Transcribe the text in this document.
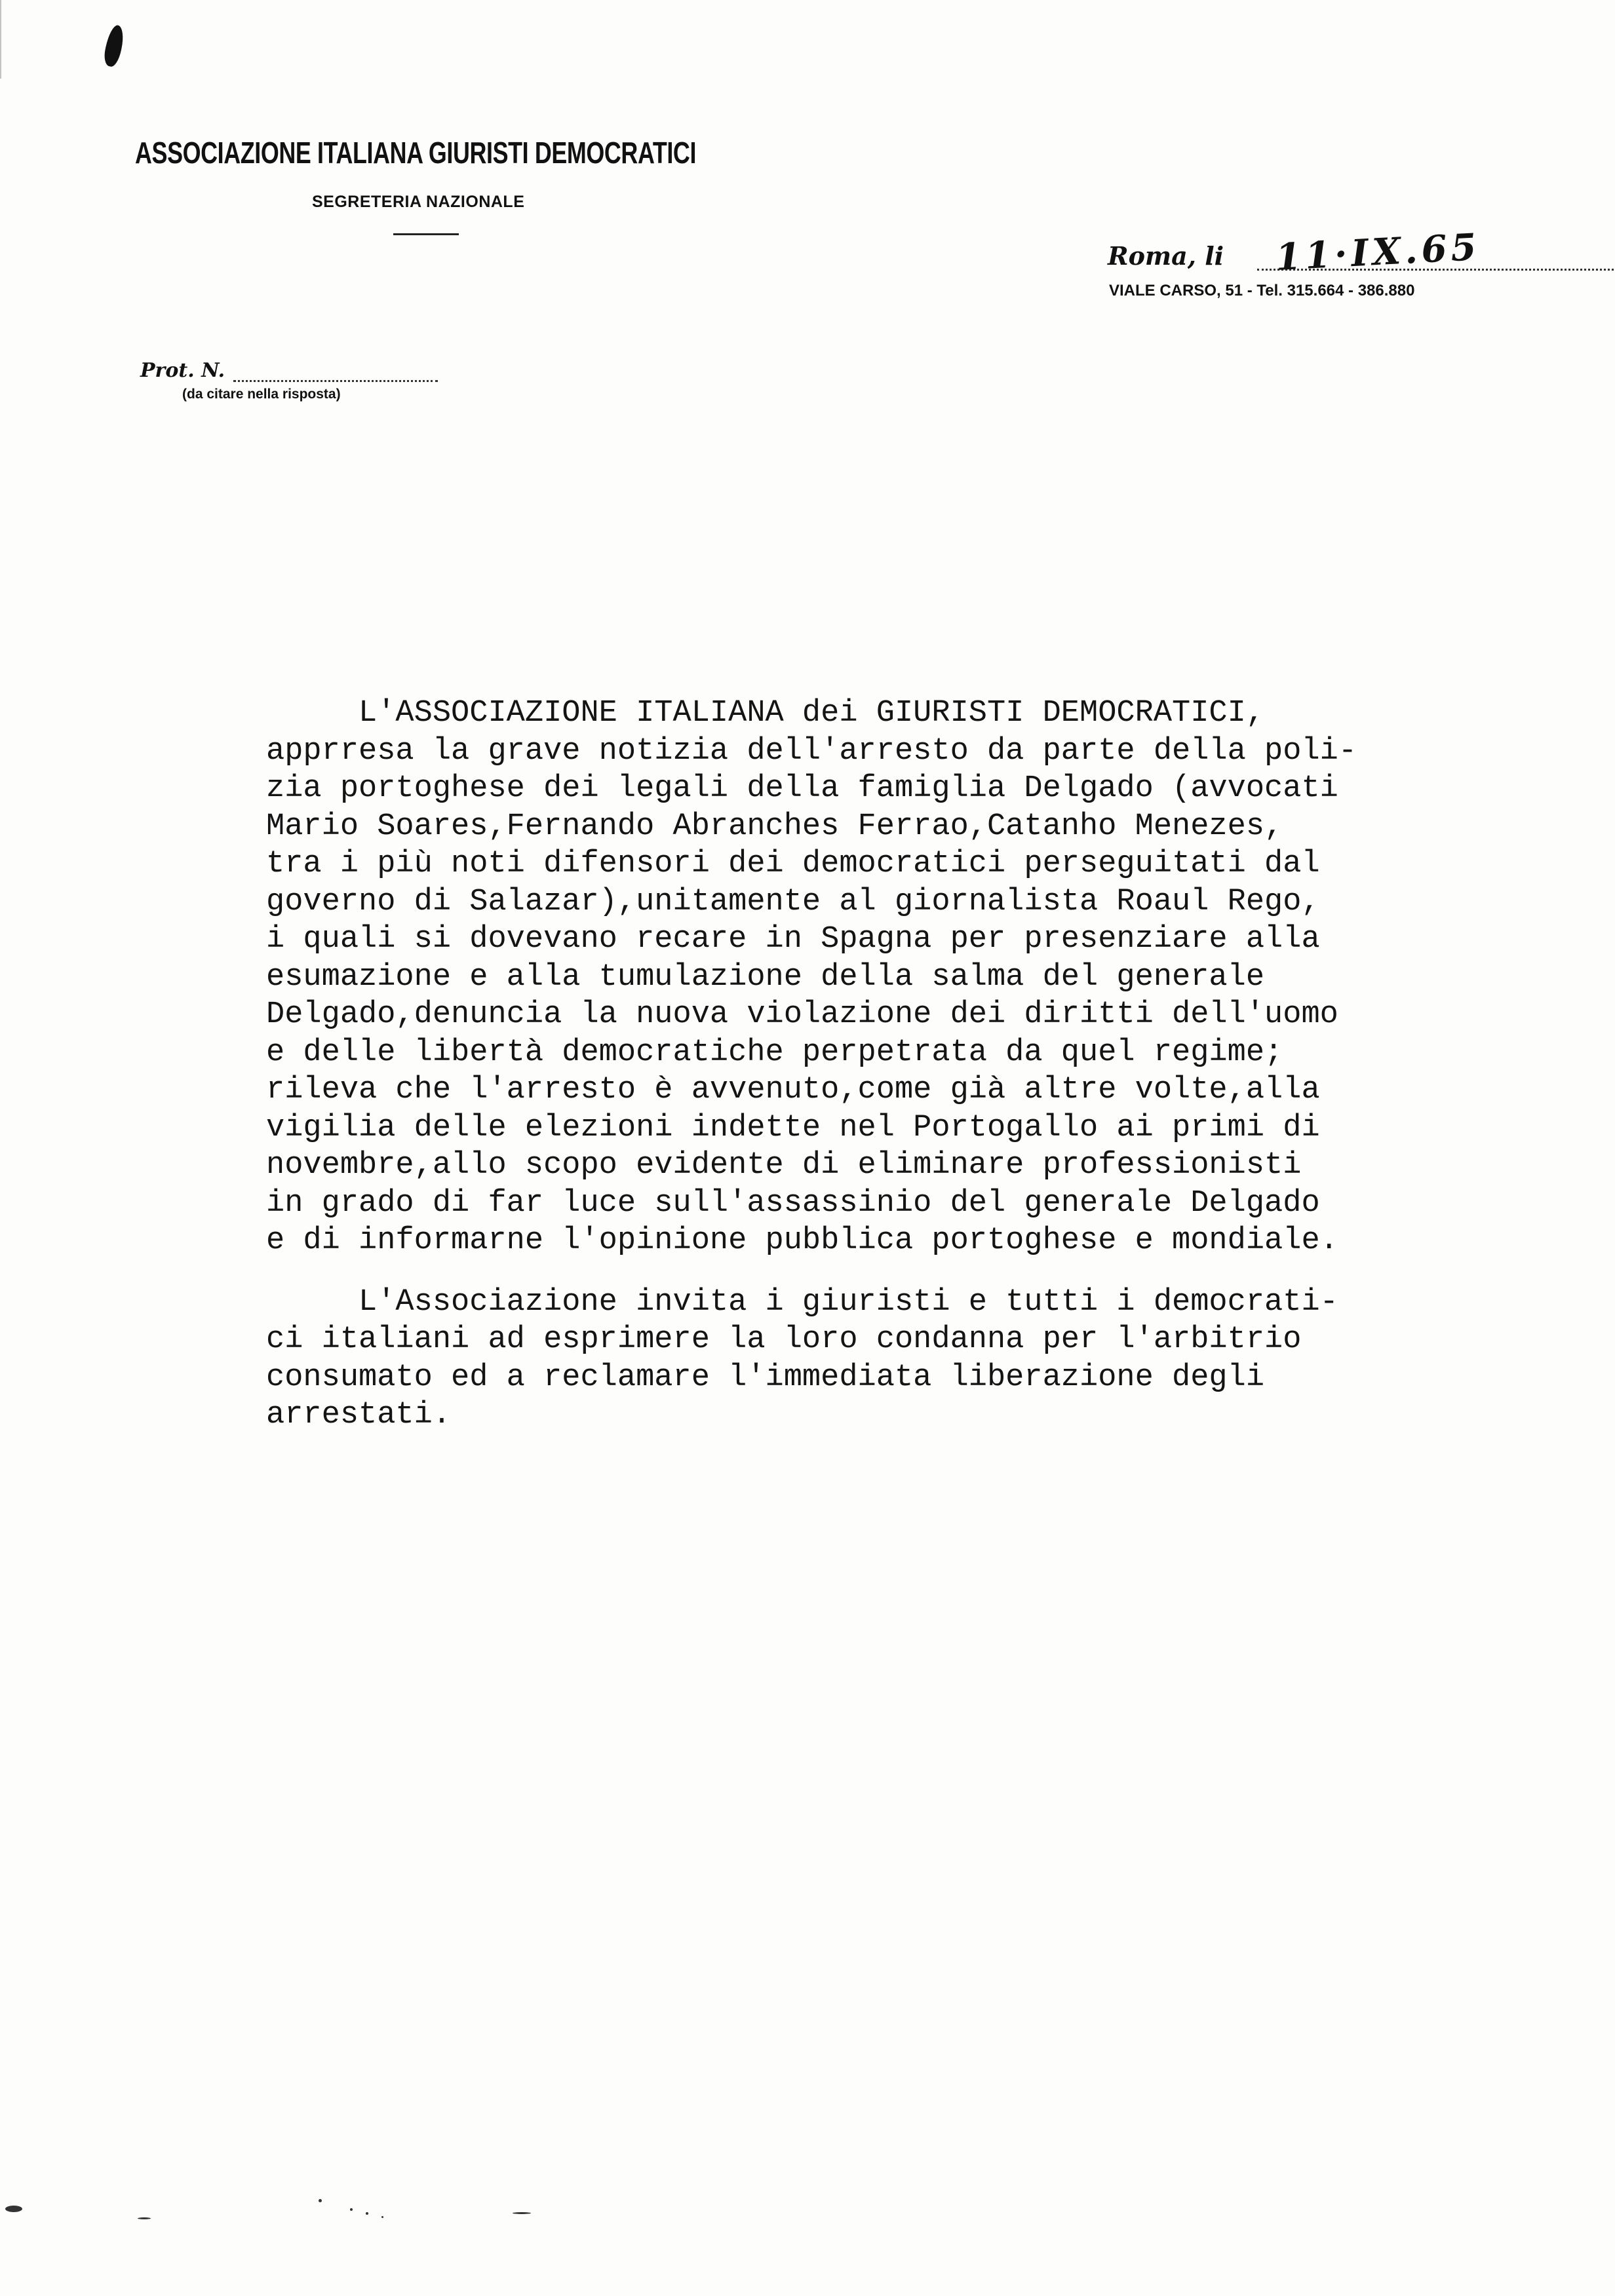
ASSOCIAZIONE ITALIANA GIURISTI DEMOCRATICI
SEGRETERIA NAZIONALE
Roma, li 11·IX.65
VIALE CARSO, 51 - Tel. 315.664 - 386.880
Prot. N.
(da citare nella risposta)
L'ASSOCIAZIONE ITALIANA dei GIURISTI DEMOCRATICI,
apprresa la grave notizia dell'arresto da parte della poli-
zia portoghese dei legali della famiglia Delgado (avvocati
Mario Soares,Fernando Abranches Ferrao,Catanho Menezes,
tra i più noti difensori dei democratici perseguitati dal
governo di Salazar),unitamente al giornalista Roaul Rego,
i quali si dovevano recare in Spagna per presenziare alla
esumazione e alla tumulazione della salma del generale
Delgado,denuncia la nuova violazione dei diritti dell'uomo
e delle libertà democratiche perpetrata da quel regime;
rileva che l'arresto è avvenuto,come già altre volte,alla
vigilia delle elezioni indette nel Portogallo ai primi di
novembre,allo scopo evidente di eliminare professionisti
in grado di far luce sull'assassinio del generale Delgado
e di informarne l'opinione pubblica portoghese e mondiale.
L'Associazione invita i giuristi e tutti i democrati-
ci italiani ad esprimere la loro condanna per l'arbitrio
consumato ed a reclamare l'immediata liberazione degli
arrestati.
